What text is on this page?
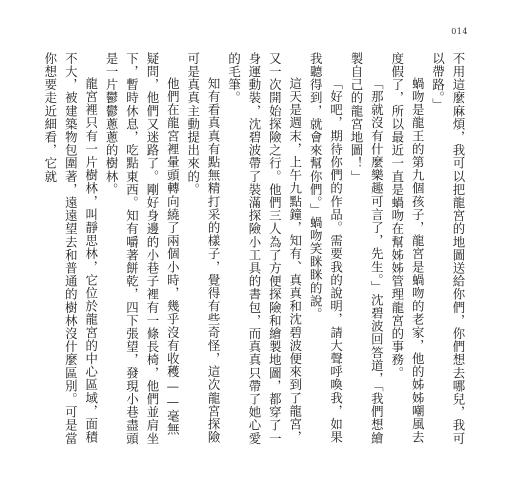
014

不用這麼麻煩，我可以把龍宮的地圖送給你們，你們想去哪兒，我可以帶路。」

蝸吻是龍王的第九個孩子，龍宮是蝸吻的老家，他的姊姊嘲風去度假了，所以最近一直是蝸吻在幫姊姊管理龍宮的事務。

「那就沒有什麼樂趣可言了，先生。」沈碧波回答道，「我們想繪製自己的龍宮地圖！」

「好吧，期待你們的作品。需要我的說明，請大聲呼喚我，如果我聽得到，就會來幫你們。」蝸吻笑眯眯的說。

這天是週末，上午九點鐘，知有、真真和沈碧波便來到了龍宮，又一次開始探險之行。他們三人為了方便探險和繪製地圖，都穿了一身運動裝，沈碧波帶了裝滿探險小工具的書包，而真真只帶了她心愛的毛筆。

知有看真真有點無精打采的樣子，覺得有些奇怪，這次龍宮探險可是真真主動提出來的。

他們在龍宮裡暈頭轉向繞了兩個小時，幾乎沒有收穫——毫無疑問，他們又迷路了。剛好身邊的小巷子裡有一條長椅，他們並肩坐下，暫時休息，吃點東西。知有嚼著餅乾，四下張望，發現小巷盡頭是一片鬱鬱蔥蔥的樹林。

龍宮裡只有一片樹林，叫靜思林，它位於龍宮的中心區域，面積不大，被建築物包圍著，遠遠望去和普通的樹林沒什麼區別。可是當你想要走近細看，它就
